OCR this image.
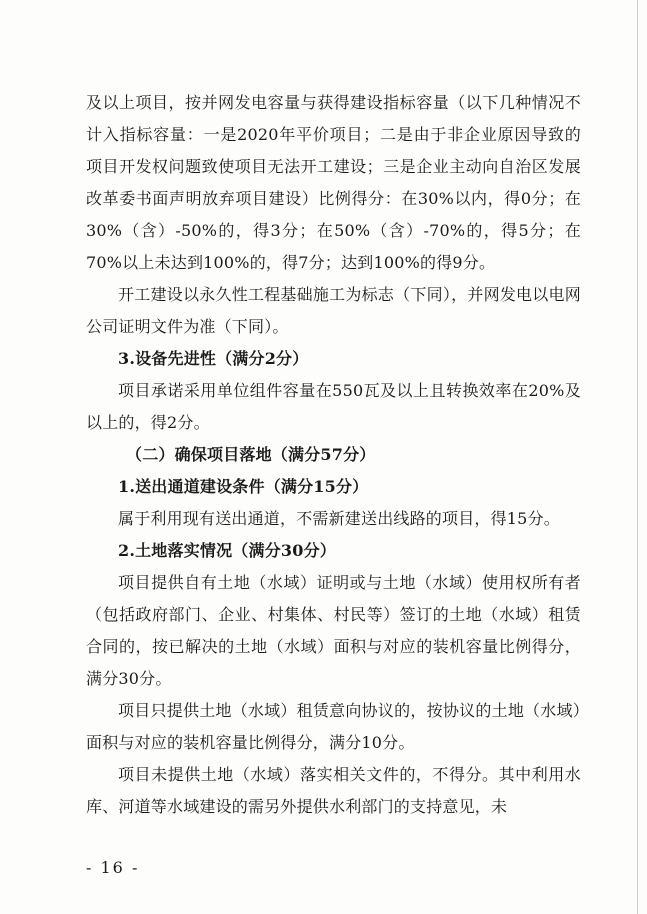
及以上项目，按并网发电容量与获得建设指标容量（以下几种情况不计入指标容量：一是2020年平价项目；二是由于非企业原因导致的项目开发权问题致使项目无法开工建设；三是企业主动向自治区发展改革委书面声明放弃项目建设）比例得分：在30%以内，得0分；在30%（含）-50%的，得3分；在50%（含）-70%的，得5分；在70%以上未达到100%的，得7分；达到100%的得9分。

开工建设以永久性工程基础施工为标志（下同），并网发电以电网公司证明文件为准（下同）。

3.设备先进性（满分2分）

项目承诺采用单位组件容量在550瓦及以上且转换效率在20%及以上的，得2分。

（二）确保项目落地（满分57分）

1.送出通道建设条件（满分15分）

属于利用现有送出通道，不需新建送出线路的项目，得15分。

2.土地落实情况（满分30分）

项目提供自有土地（水域）证明或与土地（水域）使用权所有者（包括政府部门、企业、村集体、村民等）签订的土地（水域）租赁合同的，按已解决的土地（水域）面积与对应的装机容量比例得分，满分30分。

项目只提供土地（水域）租赁意向协议的，按协议的土地（水域）面积与对应的装机容量比例得分，满分10分。

项目未提供土地（水域）落实相关文件的，不得分。其中利用水库、河道等水域建设的需另外提供水利部门的支持意见，未

- 16 -
